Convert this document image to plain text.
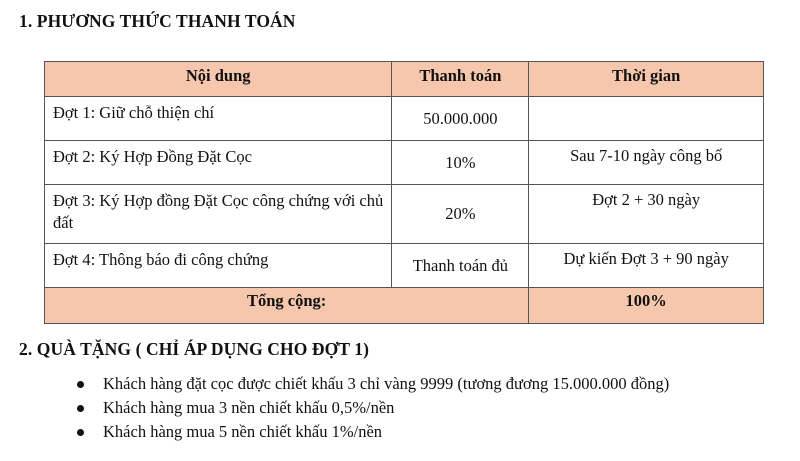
1. PHƯƠNG THỨC THANH TOÁN
Nội dung	Thanh toán	Thời gian
Đợt 1: Giữ chỗ thiện chí	50.000.000	
Đợt 2: Ký Hợp Đồng Đặt Cọc	10%	Sau 7-10 ngày công bố
Đợt 3: Ký Hợp đồng Đặt Cọc công chứng với chủ đất	20%	Đợt 2 + 30 ngày
Đợt 4: Thông báo đi công chứng	Thanh toán đủ	Dự kiến Đợt 3 + 90 ngày
Tổng cộng:		100%
2. QUÀ TẶNG ( CHỈ ÁP DỤNG CHO ĐỢT 1)
Khách hàng đặt cọc được chiết khấu 3 chỉ vàng 9999 (tương đương 15.000.000 đồng)
Khách hàng mua 3 nền chiết khấu 0,5%/nền
Khách hàng mua 5 nền chiết khấu 1%/nền
